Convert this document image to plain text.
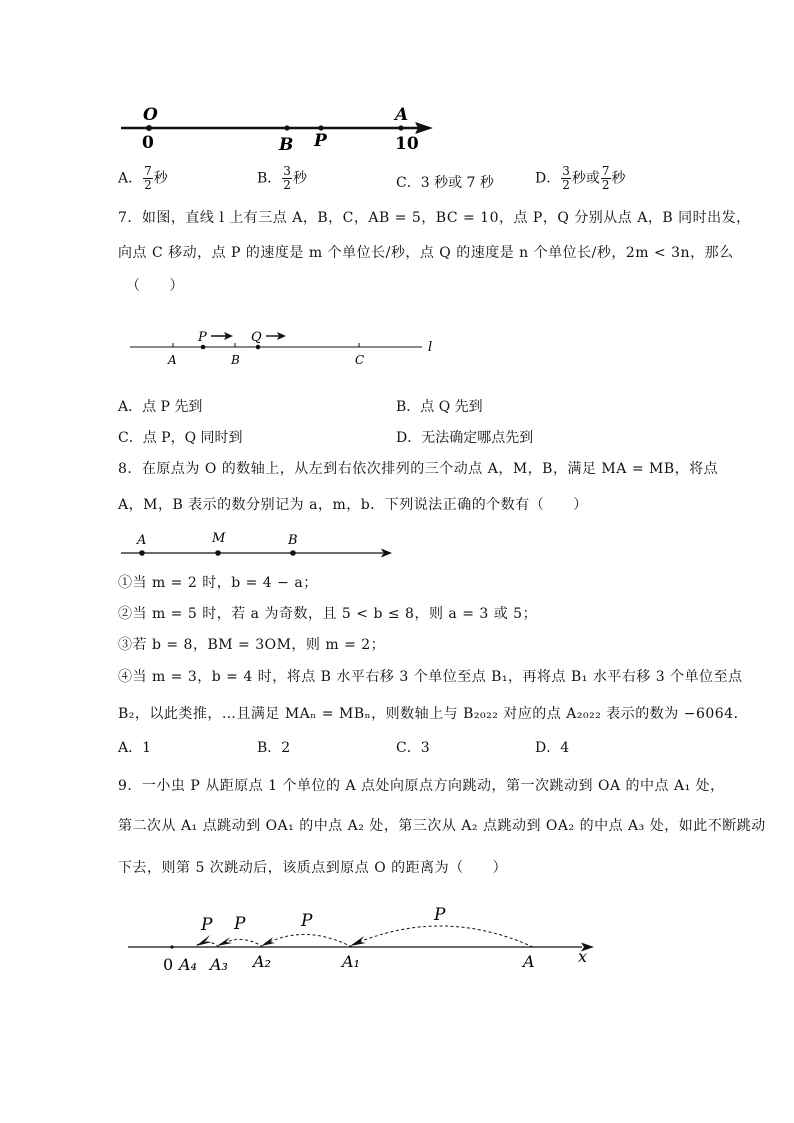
O
0	B P
A
10
A． $\frac{7}{2}$ 秒	B． $\frac{3}{2}$ 秒	C．3 秒或 7 秒	D． $\frac{3}{2}$ 秒或 $\frac{7}{2}$ 秒
7．如图，直线 l 上有三点 A，B，C，AB = 5，BC = 10，点 P，Q 分别从点 A，B 同时出发，
向点 C 移动，点 P 的速度是 m 个单位长/秒，点 Q 的速度是 n 个单位长/秒，2m < 3n，那么
（　　）
P	Q
A	B	C
l
A．点 P 先到	B．点 Q 先到
C．点 P，Q 同时到	D．无法确定哪点先到
8．在原点为 O 的数轴上，从左到右依次排列的三个动点 A，M，B，满足 MA = MB，将点
A，M，B 表示的数分别记为 a，m，b．下列说法正确的个数有（　　）
A	M	B
①当 m = 2 时，b = 4 − a；
②当 m = 5 时，若 a 为奇数，且 5 < b ≤ 8，则 a = 3 或 5；
③若 b = 8，BM = 3OM，则 m = 2；
④当 m = 3，b = 4 时，将点 B 水平右移 3 个单位至点 B₁，再将点 B₁ 水平右移 3 个单位至点
B₂，以此类推，…且满足 MAₙ = MBₙ，则数轴上与 B₂₀₂₂ 对应的点 A₂₀₂₂ 表示的数为 −6064．
A．1	B．2	C．3	D．4
9．一小虫 P 从距原点 1 个单位的 A 点处向原点方向跳动，第一次跳动到 OA 的中点 A₁ 处，
第二次从 A₁ 点跳动到 OA₁ 的中点 A₂ 处，第三次从 A₂ 点跳动到 OA₂ 的中点 A₃ 处，如此不断跳动
下去，则第 5 次跳动后，该质点到原点 O 的距离为（　　）
P
P
P
P
0 A₄ A₃ A₂	A₁	A	x
